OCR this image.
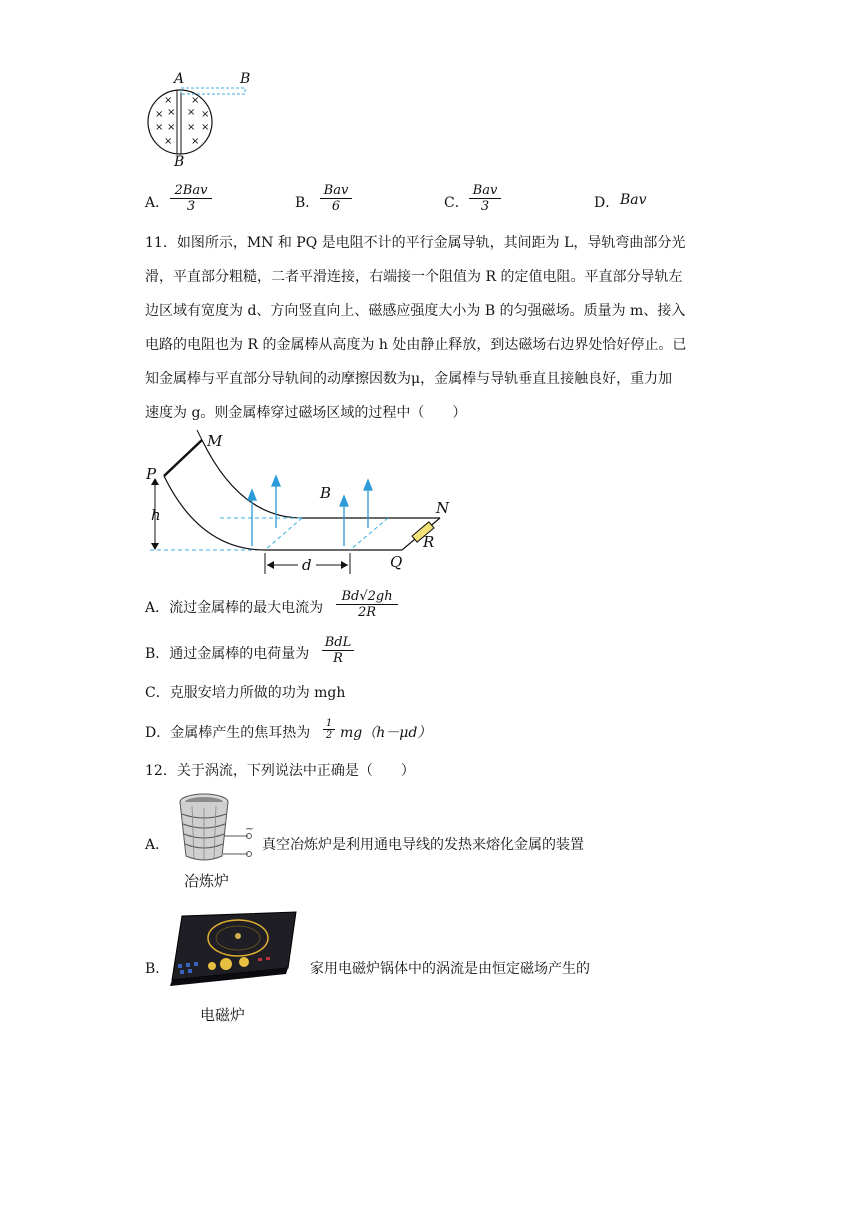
× ×
× × × ×
× × × ×
× ×
A	B
B
A．
2Bav
3	B．
Bav
6	C．
Bav
3	D． Bav
11．如图所示，MN 和 PQ 是电阻不计的平行金属导轨，其间距为 L，导轨弯曲部分光
滑，平直部分粗糙，二者平滑连接，右端接一个阻值为 R 的定值电阻。平直部分导轨左
边区域有宽度为 d、方向竖直向上、磁感应强度大小为 B 的匀强磁场。质量为 m、接入
电路的电阻也为 R 的金属棒从高度为 h 处由静止释放，到达磁场右边界处恰好停止。已
知金属棒与平直部分导轨间的动摩擦因数为μ，金属棒与导轨垂直且接触良好，重力加
速度为 g。则金属棒穿过磁场区域的过程中（　　）
M
P
B
N
h
R
Q
d
A．流过金属棒的最大电流为 $\frac{Bd√2gh}{2R}$
B．通过金属棒的电荷量为
BdL
R
C．克服安培力所做的功为 mgh
D．金属棒产生的焦耳热为 $\frac{1}{2} mg(h-\mu d)$
12．关于涡流，下列说法中正确是（　　）
A．
~
真空冶炼炉是利用通电导线的发热来熔化金属的装置
冶炼炉
B．	家用电磁炉锅体中的涡流是由恒定磁场产生的
电磁炉
